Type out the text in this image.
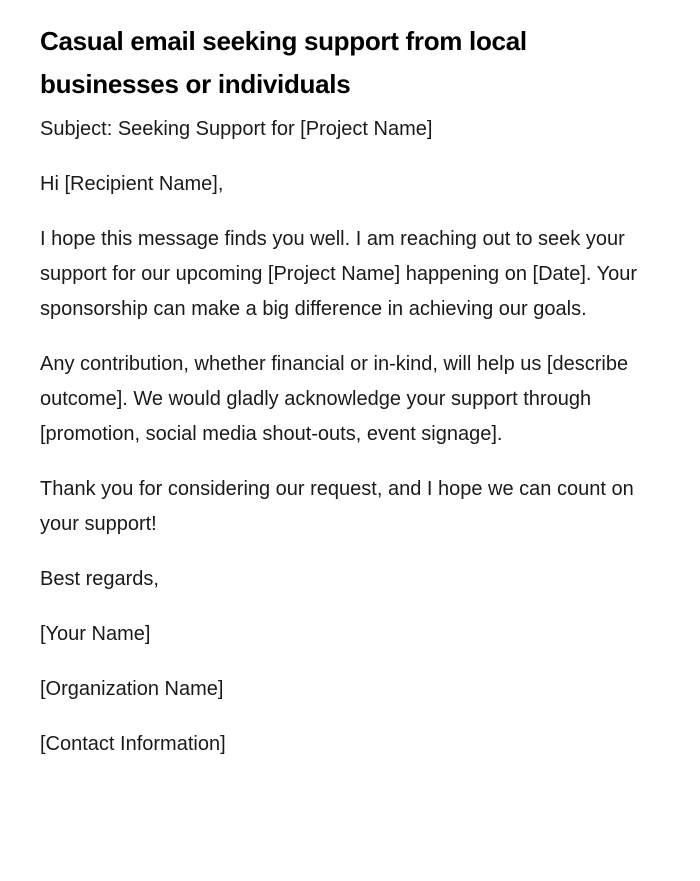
Casual email seeking support from local businesses or individuals

Subject: Seeking Support for [Project Name]

Hi [Recipient Name],

I hope this message finds you well. I am reaching out to seek your support for our upcoming [Project Name] happening on [Date]. Your sponsorship can make a big difference in achieving our goals.

Any contribution, whether financial or in-kind, will help us [describe outcome]. We would gladly acknowledge your support through [promotion, social media shout-outs, event signage].

Thank you for considering our request, and I hope we can count on your support!

Best regards,

[Your Name]

[Organization Name]

[Contact Information]
